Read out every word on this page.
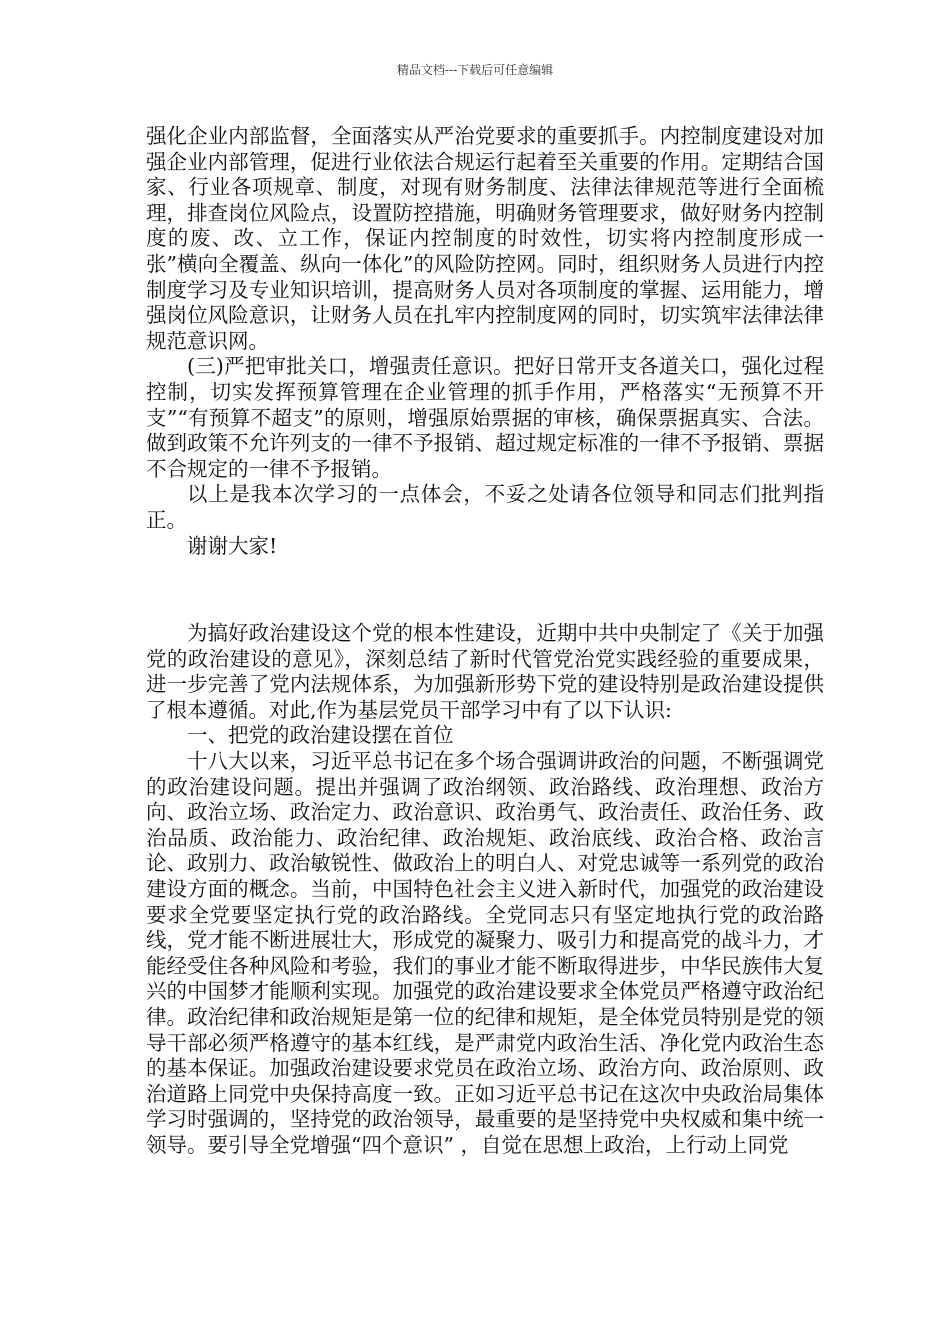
精品文档---下载后可任意编辑

强化企业内部监督，全面落实从严治党要求的重要抓手。内控制度建设对加强企业内部管理，促进行业依法合规运行起着至关重要的作用。定期结合国家、行业各项规章、制度，对现有财务制度、法律法律规范等进行全面梳理，排查岗位风险点，设置防控措施，明确财务管理要求，做好财务内控制度的废、改、立工作，保证内控制度的时效性，切实将内控制度形成一张”横向全覆盖、纵向一体化”的风险防控网。同时，组织财务人员进行内控制度学习及专业知识培训，提高财务人员对各项制度的掌握、运用能力，增强岗位风险意识，让财务人员在扎牢内控制度网的同时，切实筑牢法律法律规范意识网。

(三)严把审批关口，增强责任意识。把好日常开支各道关口，强化过程控制，切实发挥预算管理在企业管理的抓手作用，严格落实“无预算不开支”“有预算不超支”的原则，增强原始票据的审核，确保票据真实、合法。做到政策不允许列支的一律不予报销、超过规定标准的一律不予报销、票据不合规定的一律不予报销。

以上是我本次学习的一点体会，不妥之处请各位领导和同志们批判指正。

谢谢大家!

为搞好政治建设这个党的根本性建设，近期中共中央制定了《关于加强党的政治建设的意见》，深刻总结了新时代管党治党实践经验的重要成果，进一步完善了党内法规体系，为加强新形势下党的建设特别是政治建设提供了根本遵循。对此,作为基层党员干部学习中有了以下认识:

一、把党的政治建设摆在首位

十八大以来，习近平总书记在多个场合强调讲政治的问题，不断强调党的政治建设问题。提出并强调了政治纲领、政治路线、政治理想、政治方向、政治立场、政治定力、政治意识、政治勇气、政治责任、政治任务、政治品质、政治能力、政治纪律、政治规矩、政治底线、政治合格、政治言论、政别力、政治敏锐性、做政治上的明白人、对党忠诚等一系列党的政治建设方面的概念。当前，中国特色社会主义进入新时代，加强党的政治建设要求全党要坚定执行党的政治路线。全党同志只有坚定地执行党的政治路线，党才能不断进展壮大，形成党的凝聚力、吸引力和提高党的战斗力，才能经受住各种风险和考验，我们的事业才能不断取得进步，中华民族伟大复兴的中国梦才能顺利实现。加强党的政治建设要求全体党员严格遵守政治纪律。政治纪律和政治规矩是第一位的纪律和规矩，是全体党员特别是党的领导干部必须严格遵守的基本红线，是严肃党内政治生活、净化党内政治生态的基本保证。加强政治建设要求党员在政治立场、政治方向、政治原则、政治道路上同党中央保持高度一致。正如习近平总书记在这次中央政治局集体学习时强调的，坚持党的政治领导，最重要的是坚持党中央权威和集中统一领导。要引导全党增强“四个意识” ，自觉在思想上政治，上行动上同党
